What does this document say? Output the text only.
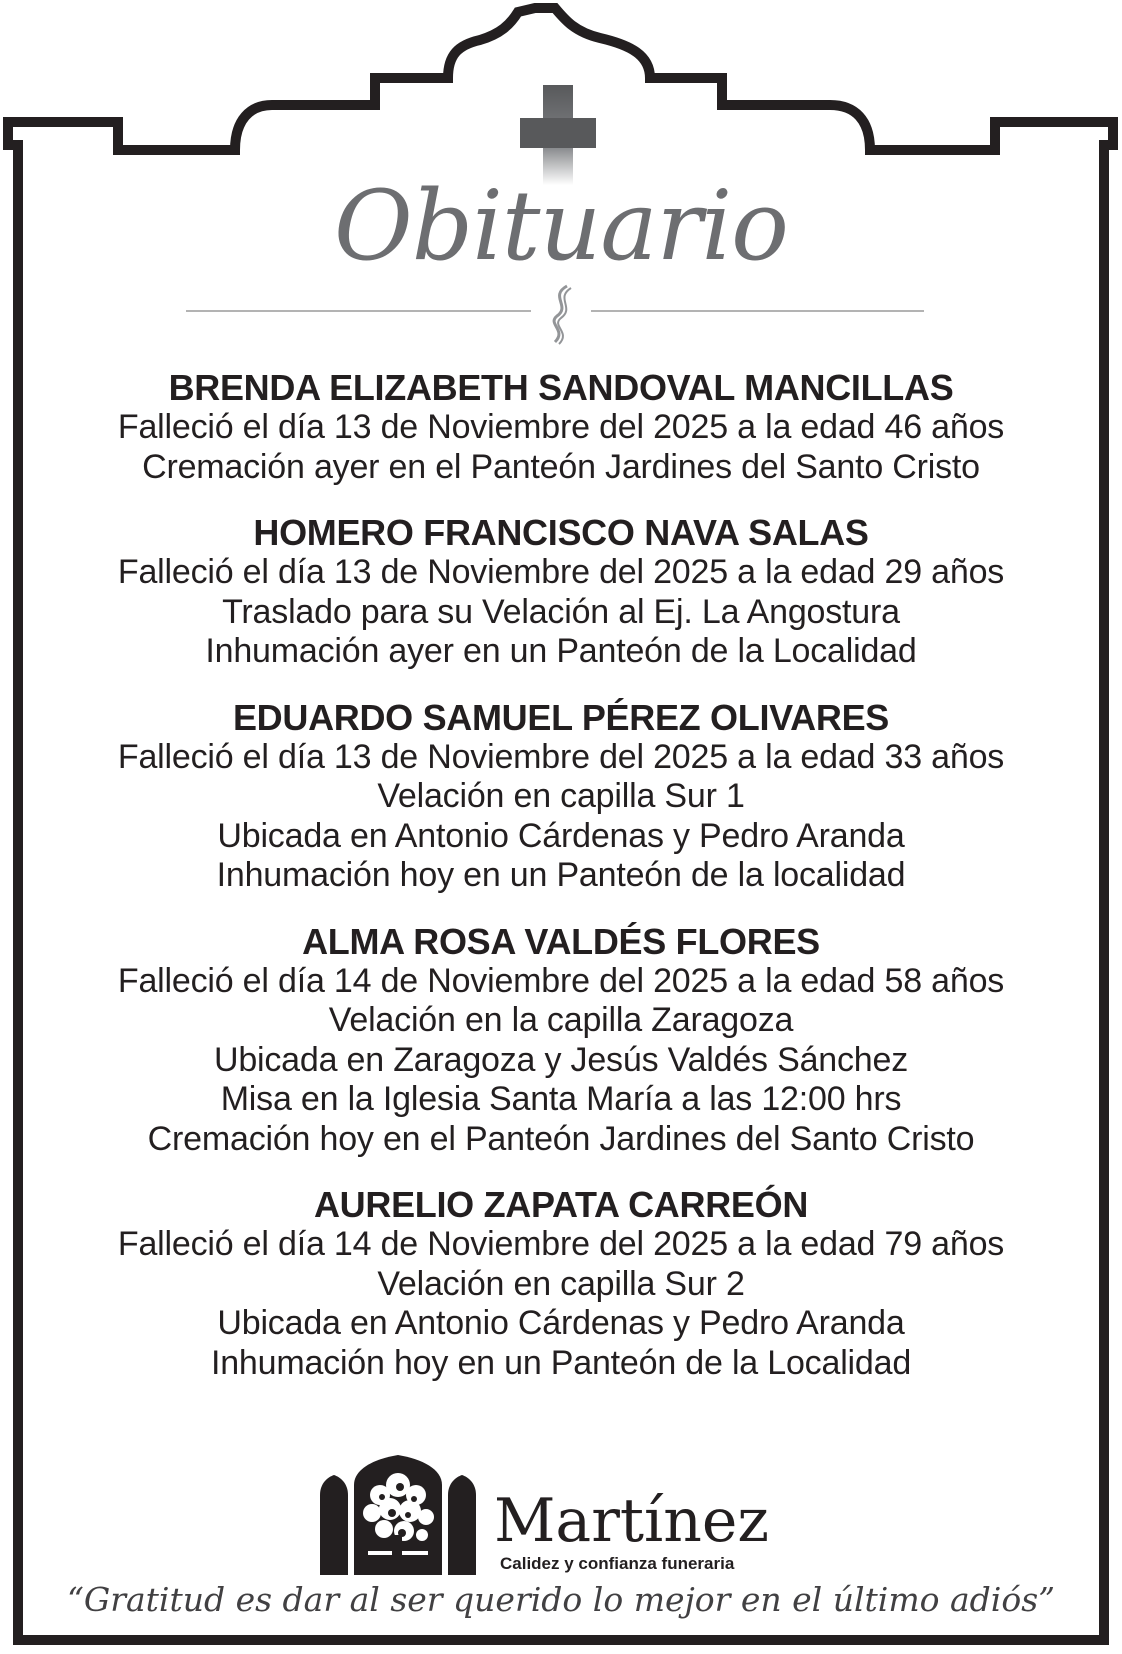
Obituario
BRENDA ELIZABETH SANDOVAL MANCILLAS
Falleció el día 13 de Noviembre del 2025 a la edad 46 años
Cremación ayer en el Panteón Jardines del Santo Cristo
HOMERO FRANCISCO NAVA SALAS
Falleció el día 13 de Noviembre del 2025 a la edad 29 años
Traslado para su Velación al Ej. La Angostura
Inhumación ayer en un Panteón de la Localidad
EDUARDO SAMUEL PÉREZ OLIVARES
Falleció el día 13 de Noviembre del 2025 a la edad 33 años
Velación en capilla Sur 1
Ubicada en Antonio Cárdenas y Pedro Aranda
Inhumación hoy en un Panteón de la localidad
ALMA ROSA VALDÉS FLORES
Falleció el día 14 de Noviembre del 2025 a la edad 58 años
Velación en la capilla Zaragoza
Ubicada en Zaragoza y Jesús Valdés Sánchez
Misa en la Iglesia Santa María a las 12:00 hrs
Cremación hoy en el Panteón Jardines del Santo Cristo
AURELIO ZAPATA CARREÓN
Falleció el día 14 de Noviembre del 2025 a la edad 79 años
Velación en capilla Sur 2
Ubicada en Antonio Cárdenas y Pedro Aranda
Inhumación hoy en un Panteón de la Localidad
Martínez
Calidez y confianza funeraria
“Gratitud es dar al ser querido lo mejor en el último adiós”
